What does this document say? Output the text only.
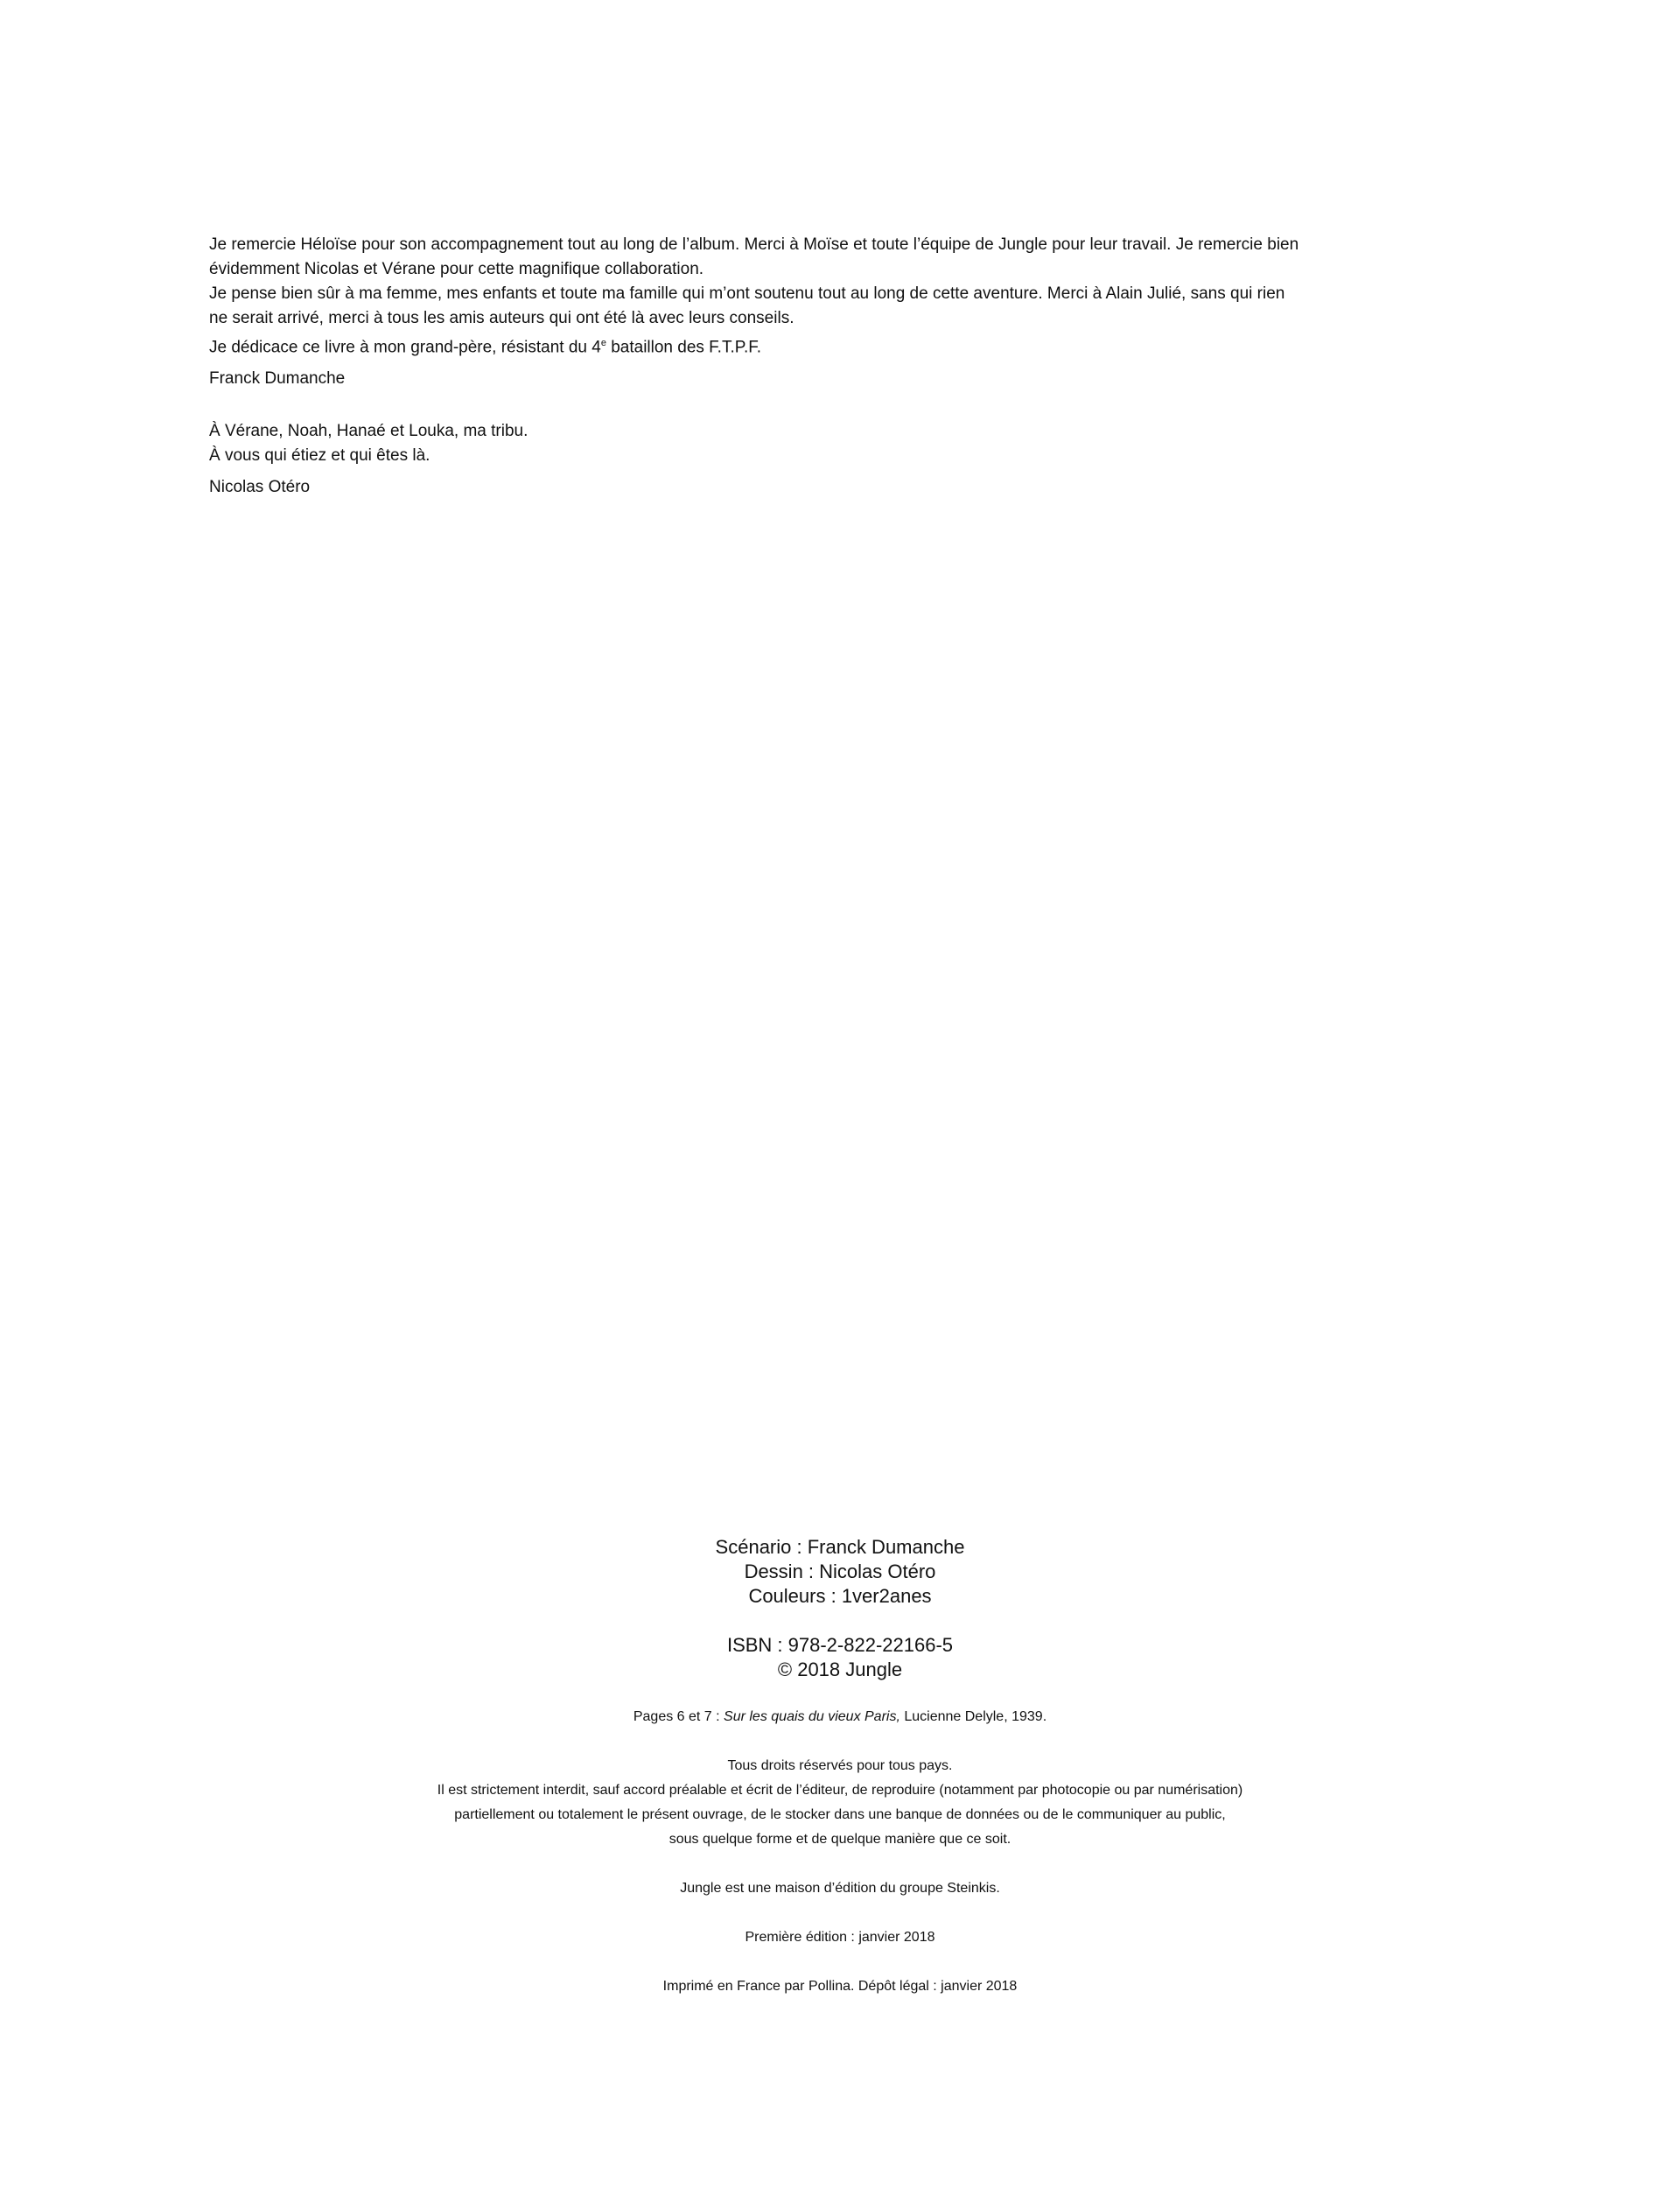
Je remercie Héloïse pour son accompagnement tout au long de l’album. Merci à Moïse et toute l’équipe de Jungle pour leur travail. Je remercie bien

évidemment Nicolas et Vérane pour cette magnifique collaboration.

Je pense bien sûr à ma femme, mes enfants et toute ma famille qui m’ont soutenu tout au long de cette aventure. Merci à Alain Julié, sans qui rien

ne serait arrivé, merci à tous les amis auteurs qui ont été là avec leurs conseils.

Je dédicace ce livre à mon grand-père, résistant du 4e bataillon des F.T.P.F.

Franck Dumanche

À Vérane, Noah, Hanaé et Louka, ma tribu.

À vous qui étiez et qui êtes là.

Nicolas Otéro

Scénario : Franck Dumanche

Dessin : Nicolas Otéro

Couleurs : 1ver2anes

ISBN : 978-2-822-22166-5

© 2018 Jungle

Pages 6 et 7 : Sur les quais du vieux Paris, Lucienne Delyle, 1939.

Tous droits réservés pour tous pays.

Il est strictement interdit, sauf accord préalable et écrit de l’éditeur, de reproduire (notamment par photocopie ou par numérisation)

partiellement ou totalement le présent ouvrage, de le stocker dans une banque de données ou de le communiquer au public,

sous quelque forme et de quelque manière que ce soit.

Jungle est une maison d’édition du groupe Steinkis.

Première édition : janvier 2018

Imprimé en France par Pollina. Dépôt légal : janvier 2018
